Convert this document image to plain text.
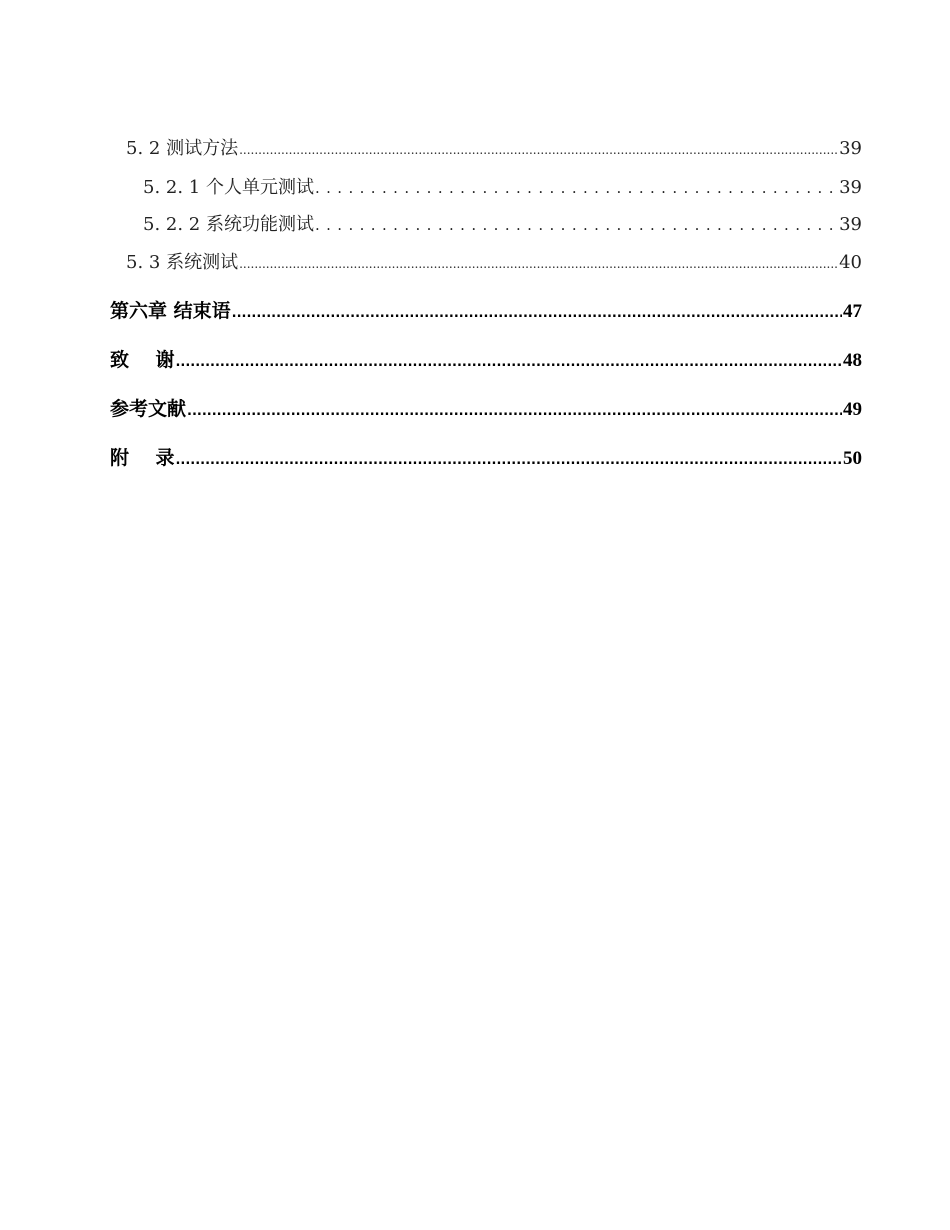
5. 2 测试方法 .....	39
5. 2. 1 个人单元测试 .....	39
5. 2. 2 系统功能测试 .....	39
5. 3 系统测试 .....	40
第六章 结束语 .....	47
致    谢 .....	48
参考文献 .....	49
附    录 .....	50
